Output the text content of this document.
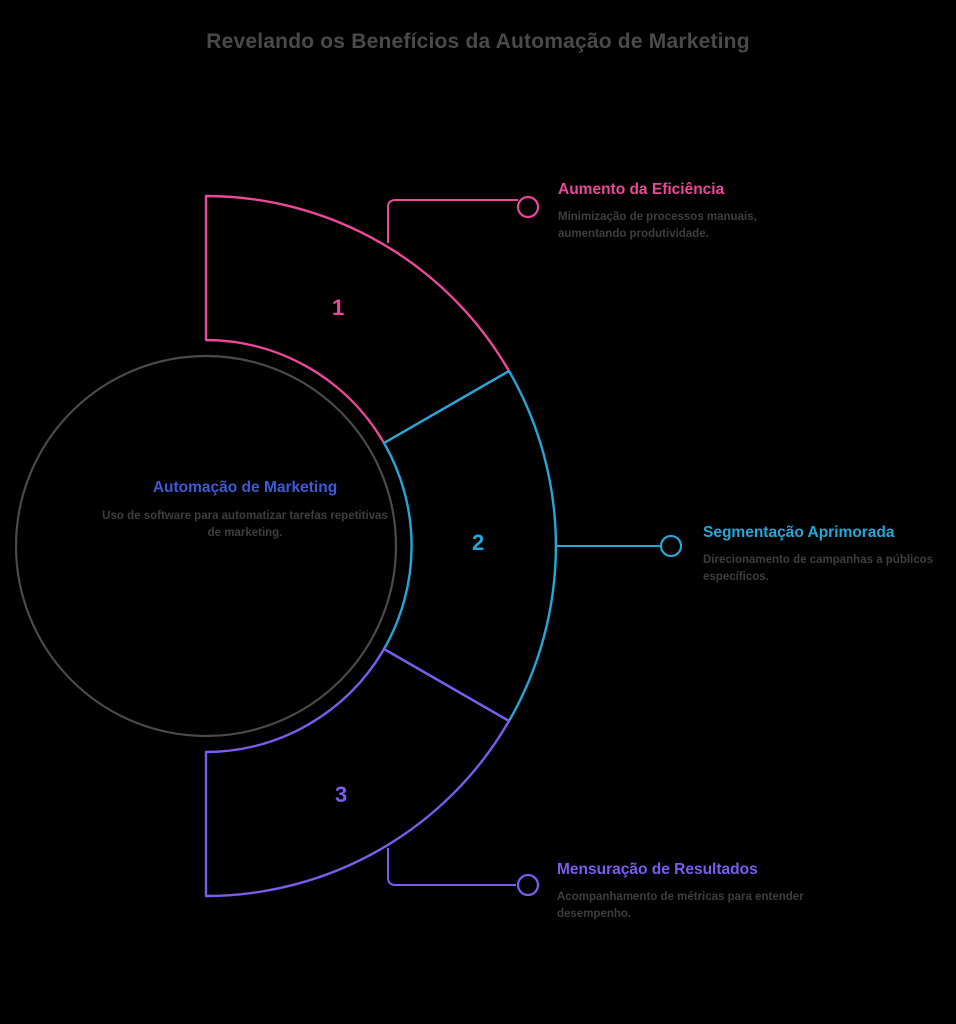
Revelando os Benefícios da Automação de Marketing
Automação de Marketing
Uso de software para automatizar tarefas repetitivas de marketing.
1
2
3
Aumento da Eficiência
Minimização de processos manuais, aumentando produtividade.
Segmentação Aprimorada
Direcionamento de campanhas a públicos específicos.
Mensuração de Resultados
Acompanhamento de métricas para entender desempenho.
